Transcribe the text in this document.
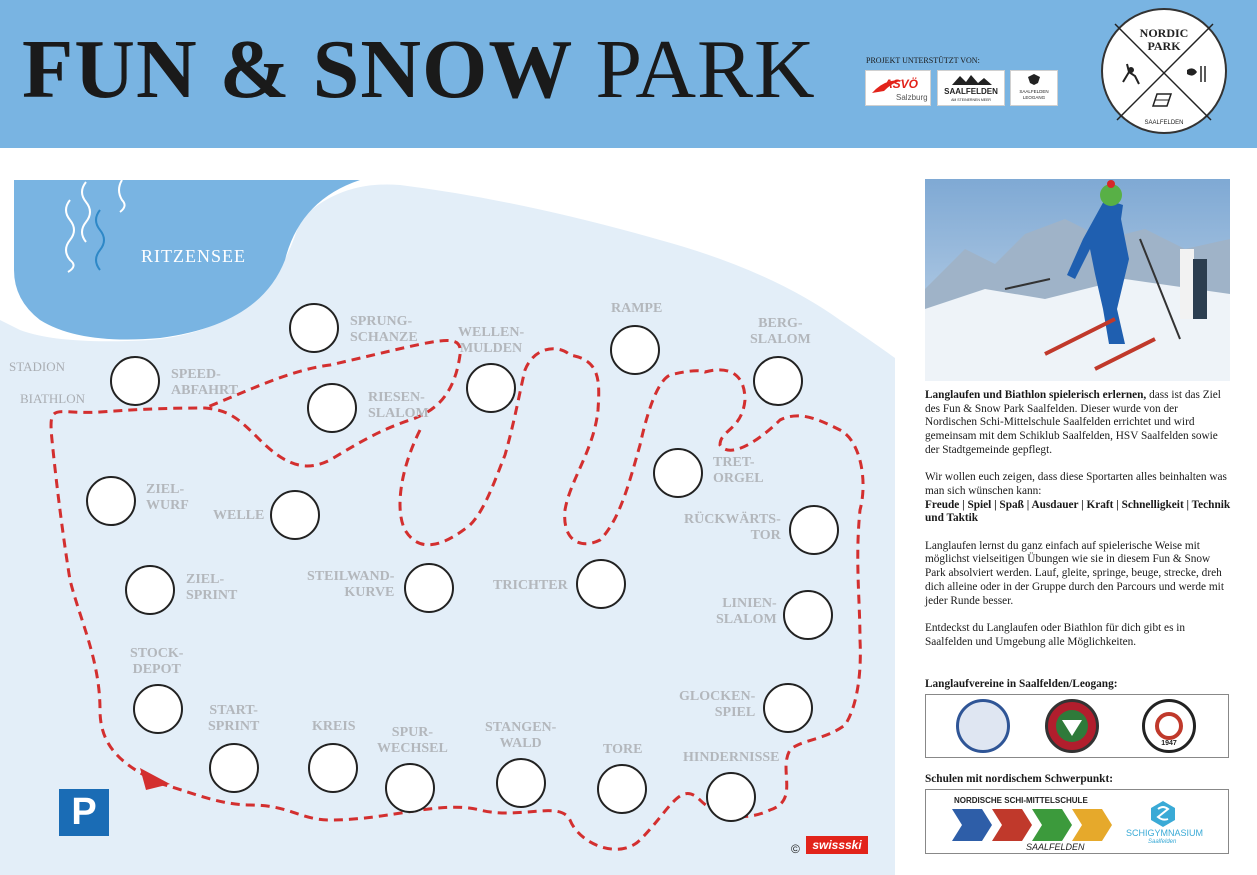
FUN & SNOW PARK	PROJEKT UNTERSTÜTZT VON:
ASVÖ
Salzburg
SAALFELDEN
AM STEINERNEN MEER
SAALFELDEN
LEOGANG
NORDIC
PARK
SAALFELDEN
RITZENSEE
STADION
BIATHLON
SPRUNG-
SCHANZE
SPEED-
ABFAHRT	RIESEN-
SLALOM
WELLEN-
MULDEN
RAMPE
BERG-
SLALOM
ZIEL-
WURF
WELLE
TRET-
ORGEL
RÜCKWÄRTS-
TOR
ZIEL-
SPRINT
STEILWAND-
KURVE	TRICHTER
LINIEN-
SLALOM
STOCK-
DEPOT
GLOCKEN-
SPIEL
START-
SPRINT	KREIS	SPUR-
WECHSEL
STANGEN-
WALD	TORE
HINDERNISSE
P
©	swissski

Langlaufen und Biathlon spielerisch erlernen, dass ist das Ziel des Fun & Snow Park Saalfelden. Dieser wurde von der Nordischen Schi-Mittelschule Saalfelden errichtet und wird gemeinsam mit dem Schiklub Saalfelden, HSV Saalfelden sowie der Stadtgemeinde gepflegt.

Wir wollen euch zeigen, dass diese Sportarten alles beinhalten was man sich wünschen kann:
Freude | Spiel | Spaß | Ausdauer | Kraft | Schnelligkeit | Technik und Taktik

Langlaufen lernst du ganz einfach auf spielerische Weise mit möglichst vielseitigen Übungen wie sie in diesem Fun & Snow Park absolviert werden. Lauf, gleite, springe, beuge, strecke, dreh dich alleine oder in der Gruppe durch den Parcours und werde mit jeder Runde besser.

Entdeckst du Langlaufen oder Biathlon für dich gibt es in Saalfelden und Umgebung alle Möglichkeiten.

Langlaufvereine in Saalfelden/Leogang:
1947
Schulen mit nordischem Schwerpunkt:
NORDISCHE SCHI-MITTELSCHULE
SAALFELDEN
SCHIGYMNASIUM
Saalfelden
